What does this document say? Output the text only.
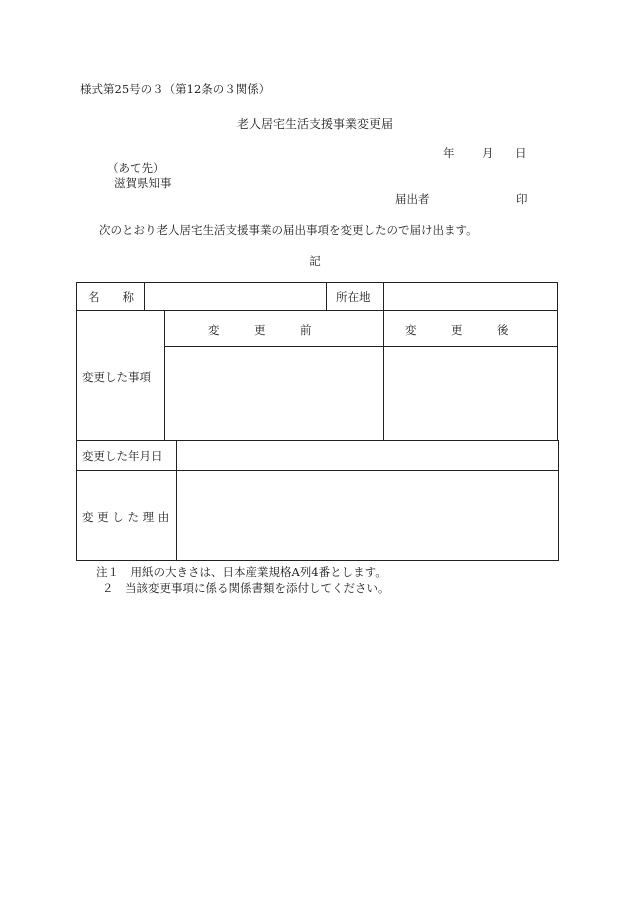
様式第25号の３（第12条の３関係）
老人居宅生活支援事業変更届
年 月 日
（あて先）
滋賀県知事
届出者	印
次のとおり老人居宅生活支援事業の届出事項を変更したので届け出ます。
記
名　　称	所在地
変更した事項
変　　　更　　　前	変　　　更　　　後
変更した年月日
変 更 し た 理 由
注１　用紙の大きさは、日本産業規格A列4番とします。
２　当該変更事項に係る関係書類を添付してください。
